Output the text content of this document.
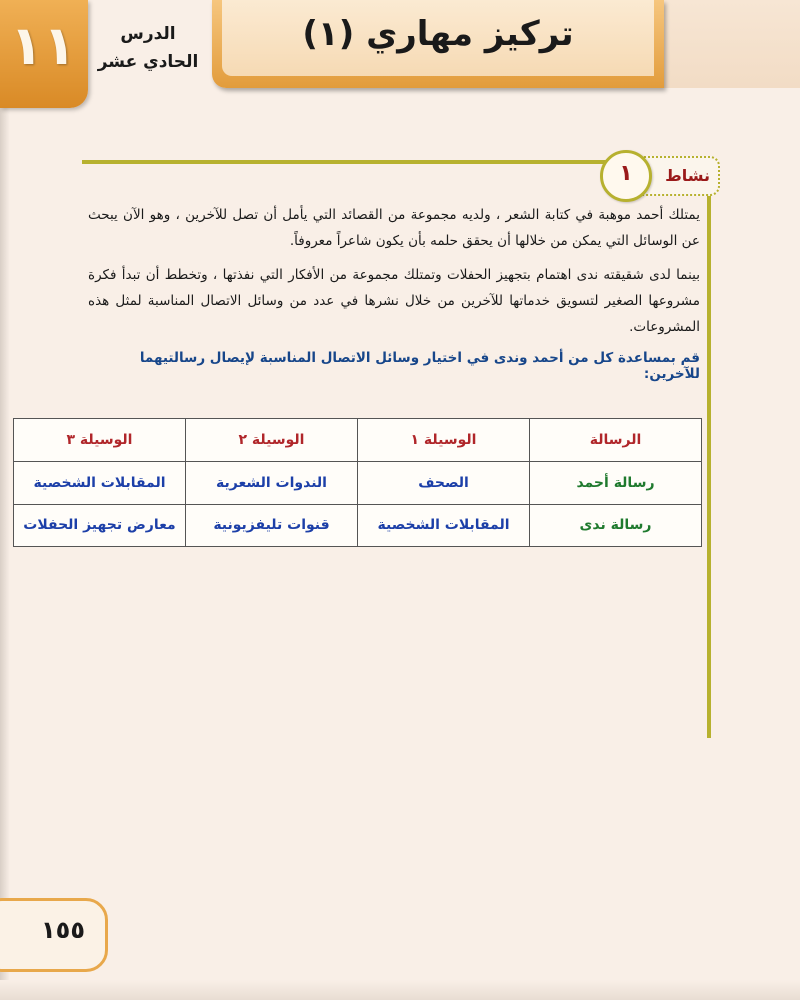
١١	الدرس
الحادي عشر
تركيز مهاري (١)
نشاط
١

يمتلك أحمد موهبة في كتابة الشعر ، ولديه مجموعة من القصائد التي يأمل أن تصل للآخرين ، وهو الآن يبحث عن الوسائل التي يمكن من خلالها أن يحقق حلمه بأن يكون شاعراً معروفاً.

بينما لدى شقيقته ندى اهتمام بتجهيز الحفلات وتمتلك مجموعة من الأفكار التي نفذتها ، وتخطط أن تبدأ فكرة مشروعها الصغير لتسويق خدماتها للآخرين من خلال نشرها في عدد من وسائل الاتصال المناسبة لمثل هذه المشروعات.

قم بمساعدة كل من أحمد وندى في اختيار وسائل الاتصال المناسبة لإيصال رسالتيهما للآخرين:

الرسالة	الوسيلة ١	الوسيلة ٢	الوسيلة ٣
رسالة أحمد	الصحف	الندوات الشعرية	المقابلات الشخصية
رسالة ندى	المقابلات الشخصية	قنوات تليفزيونية	معارض تجهيز الحفلات
١٥٥
